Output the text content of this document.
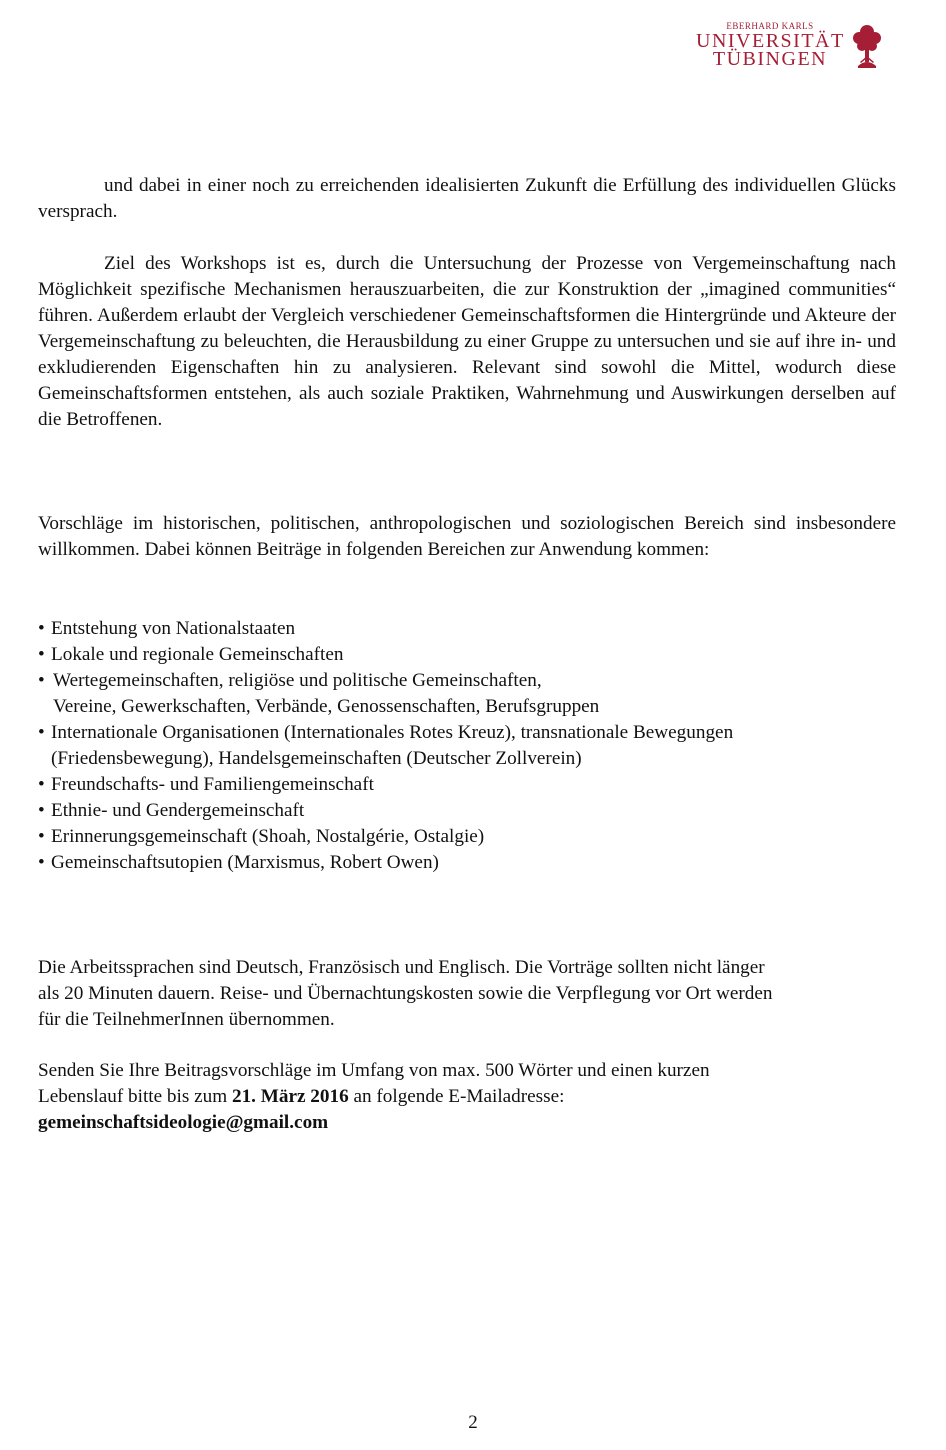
EBERHARD KARLS
UNIVERSITÄT
TÜBINGEN

und dabei in einer noch zu erreichenden idealisierten Zukunft die Erfüllung des individuellen Glücks versprach.

Ziel des Workshops ist es, durch die Untersuchung der Prozesse von Vergemeinschaftung nach Möglichkeit spezifische Mechanismen herauszuarbeiten, die zur Konstruktion der „imagined communities“ führen. Außerdem erlaubt der Vergleich verschiedener Gemeinschaftsformen die Hintergründe und Akteure der Vergemeinschaftung zu beleuchten, die Herausbildung zu einer Gruppe zu untersuchen und sie auf ihre in- und exkludierenden Eigenschaften hin zu analysieren. Relevant sind sowohl die Mittel, wodurch diese Gemeinschaftsformen entstehen, als auch soziale Praktiken, Wahrnehmung und Auswirkungen derselben auf die Betroffenen.

Vorschläge im historischen, politischen, anthropologischen und soziologischen Bereich sind insbesondere willkommen. Dabei können Beiträge in folgenden Bereichen zur Anwendung kommen:

• Entstehung von Nationalstaaten
• Lokale und regionale Gemeinschaften
• Wertegemeinschaften, religiöse und politische Gemeinschaften,
Vereine, Gewerkschaften, Verbände, Genossenschaften, Berufsgruppen
• Internationale Organisationen (Internationales Rotes Kreuz), transnationale Bewegungen
(Friedensbewegung), Handelsgemeinschaften (Deutscher Zollverein)
• Freundschafts- und Familiengemeinschaft
• Ethnie- und Gendergemeinschaft
• Erinnerungsgemeinschaft (Shoah, Nostalgérie, Ostalgie)
• Gemeinschaftsutopien (Marxismus, Robert Owen)
Die Arbeitssprachen sind Deutsch, Französisch und Englisch. Die Vorträge sollten nicht länger
als 20 Minuten dauern. Reise- und Übernachtungskosten sowie die Verpflegung vor Ort werden
für die TeilnehmerInnen übernommen.
Senden Sie Ihre Beitragsvorschläge im Umfang von max. 500 Wörter und einen kurzen
Lebenslauf bitte bis zum 21. März 2016 an folgende E-Mailadresse:
gemeinschaftsideologie@gmail.com
2
